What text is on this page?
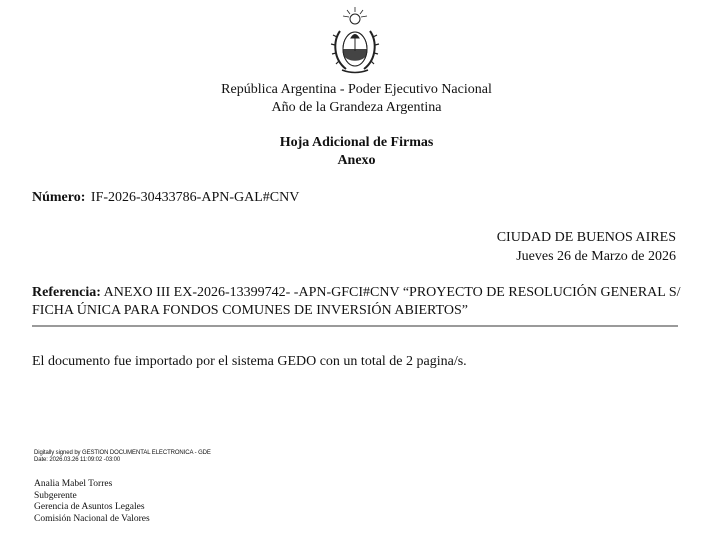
República Argentina - Poder Ejecutivo Nacional
Año de la Grandeza Argentina
Hoja Adicional de Firmas
Anexo
Número: IF-2026-30433786-APN-GAL#CNV
CIUDAD DE BUENOS AIRES
Jueves 26 de Marzo de 2026
Referencia: ANEXO III EX-2026-13399742- -APN-GFCI#CNV “PROYECTO DE RESOLUCIÓN GENERAL S/
FICHA ÚNICA PARA FONDOS COMUNES DE INVERSIÓN ABIERTOS”
El documento fue importado por el sistema GEDO con un total de 2 pagina/s.
Digitally signed by GESTION DOCUMENTAL ELECTRONICA - GDE
Date: 2026.03.26 11:09:02 -03:00
Analia Mabel Torres
Subgerente
Gerencia de Asuntos Legales
Comisión Nacional de Valores
